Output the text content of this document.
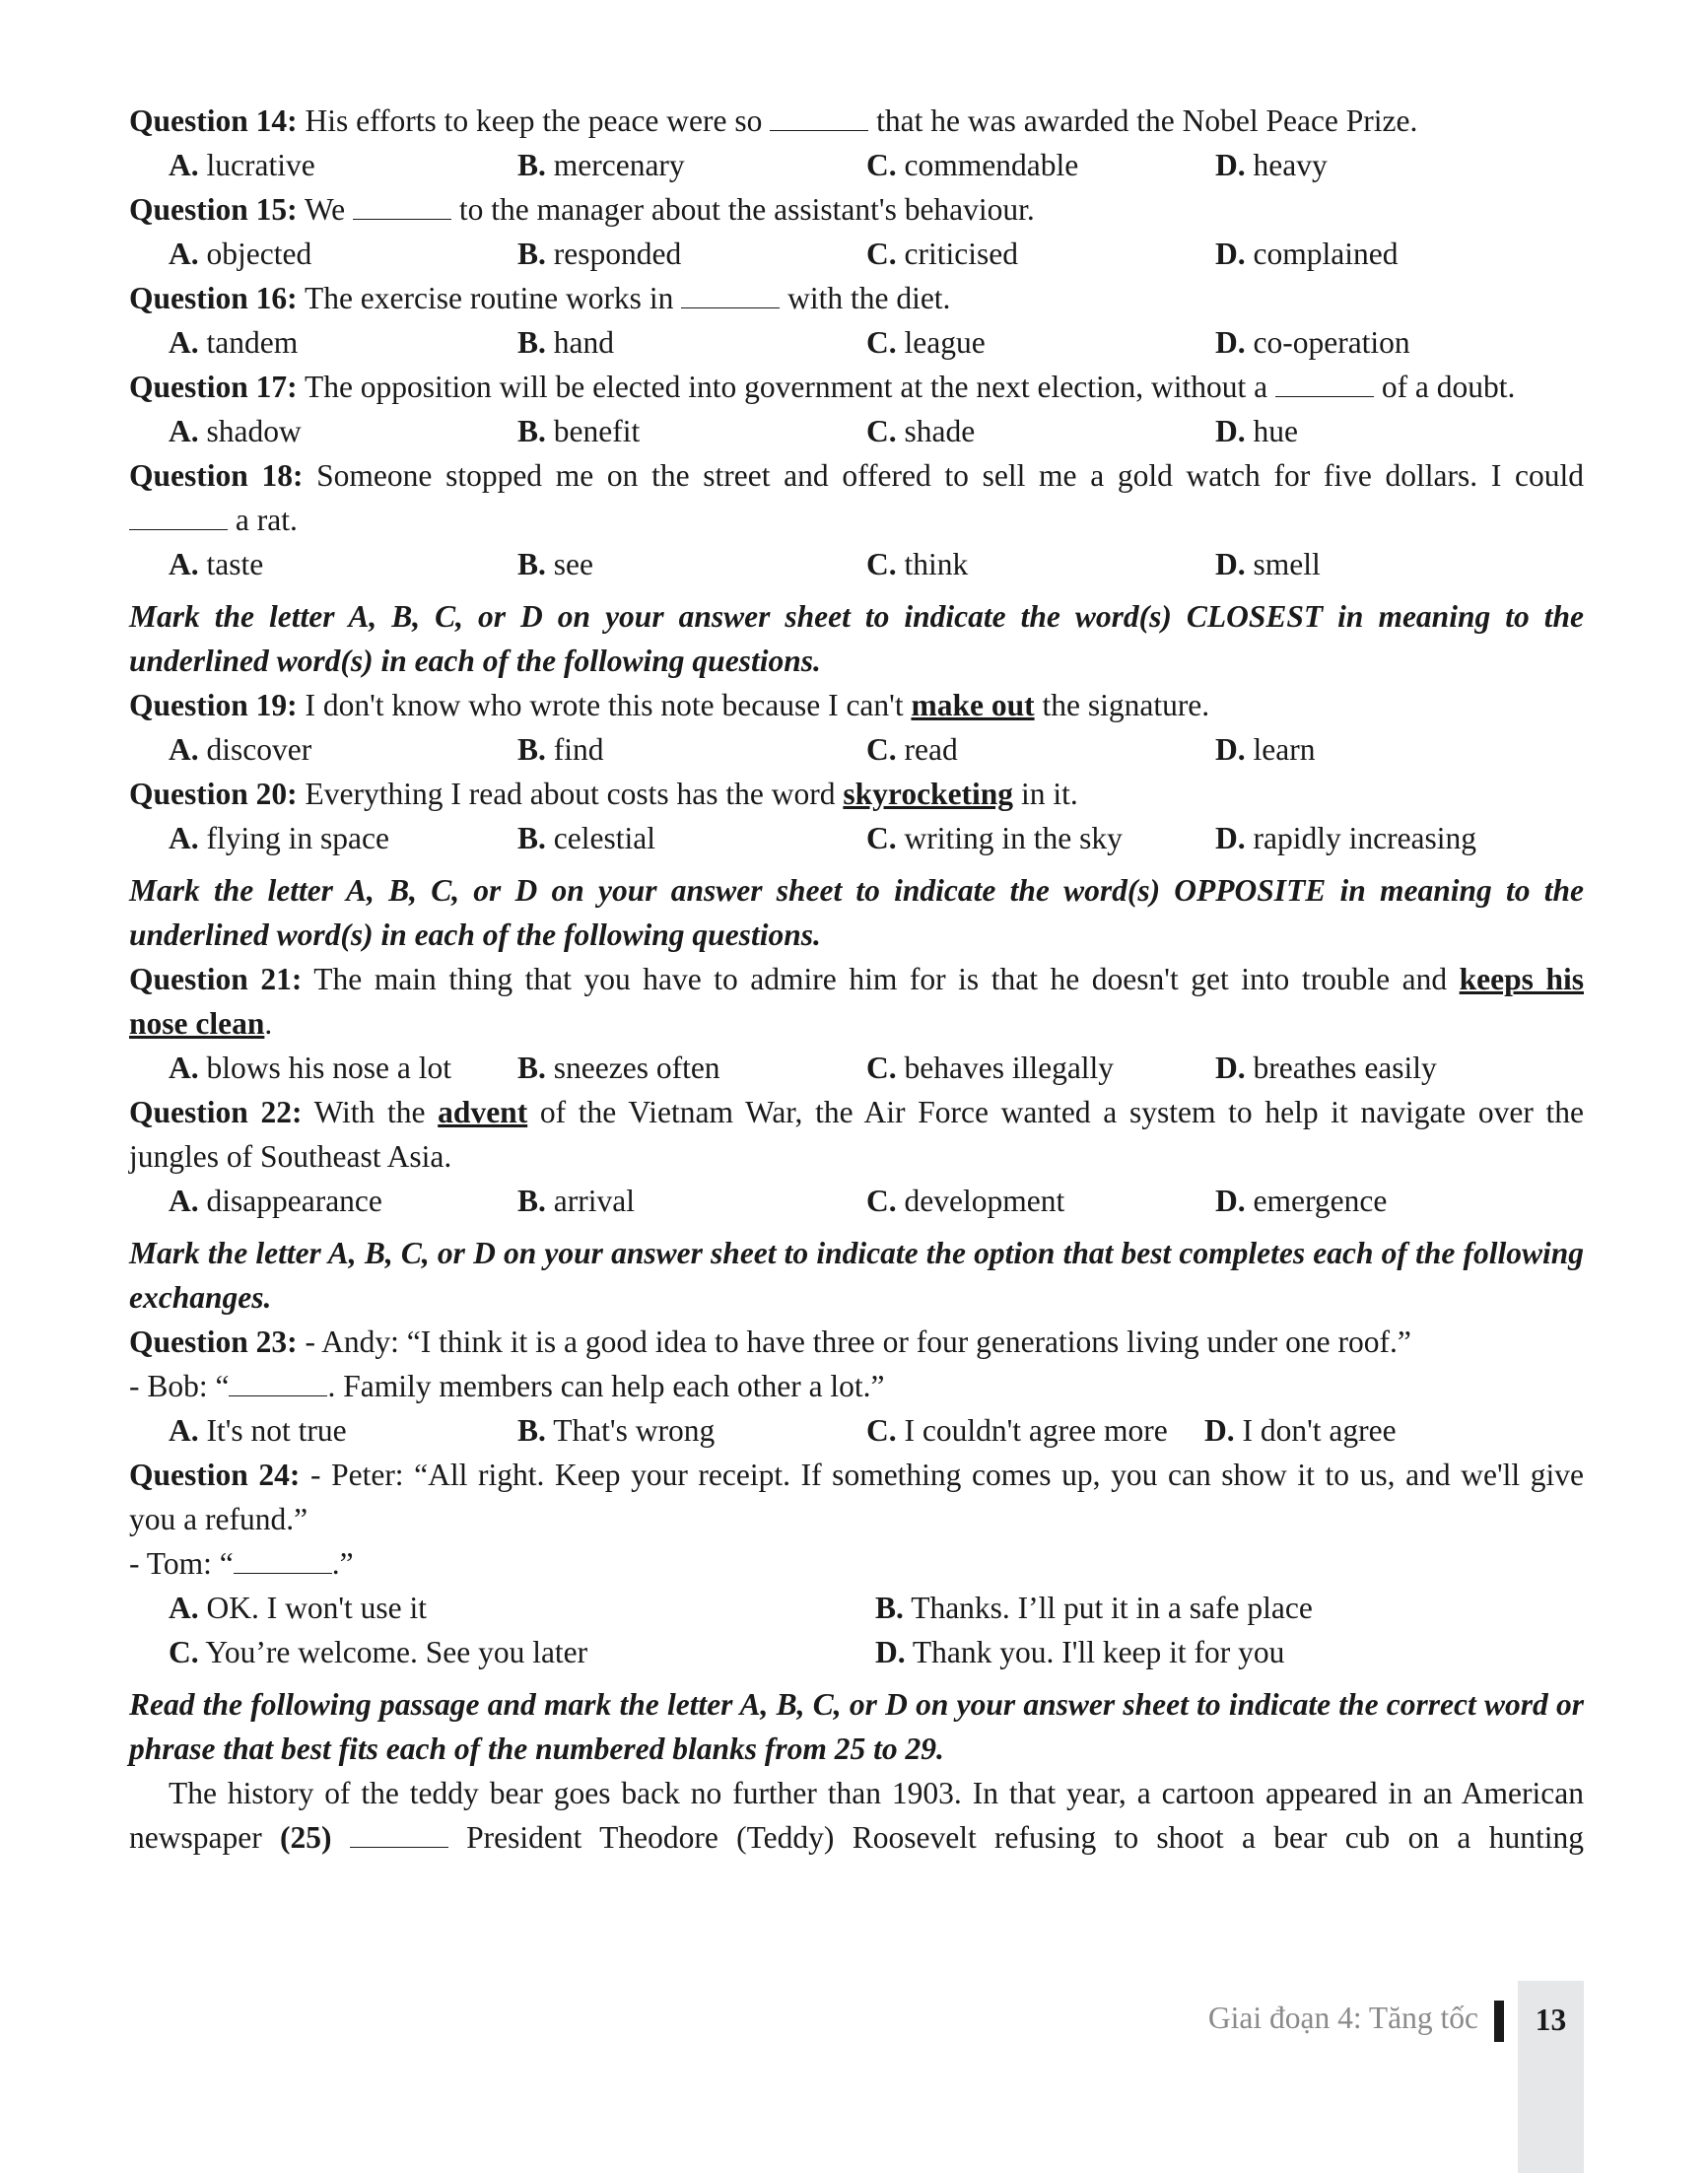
Question 14: His efforts to keep the peace were so	that he was awarded the Nobel Peace Prize.
A. lucrative	B. mercenary	C. commendable	D. heavy
Question 15: We	to the manager about the assistant's behaviour.
A. objected	B. responded	C. criticised	D. complained
Question 16: The exercise routine works in	with the diet.
A. tandem	B. hand	C. league	D. co-operation
Question 17: The opposition will be elected into government at the next election, without a	of a doubt.
A. shadow	B. benefit	C. shade	D. hue
Question 18: Someone stopped me on the street and offered to sell me a gold watch for five dollars. I could
a rat.
A. taste	B. see	C. think	D. smell
Mark the letter A, B, C, or D on your answer sheet to indicate the word(s) CLOSEST in meaning to the underlined word(s) in each of the following questions.
Question 19: I don't know who wrote this note because I can't make out the signature.
A. discover	B. find	C. read	D. learn
Question 20: Everything I read about costs has the word skyrocketing in it.
A. flying in space	B. celestial	C. writing in the sky	D. rapidly increasing
Mark the letter A, B, C, or D on your answer sheet to indicate the word(s) OPPOSITE in meaning to the underlined word(s) in each of the following questions.
Question 21: The main thing that you have to admire him for is that he doesn't get into trouble and keeps his
nose clean.
A. blows his nose a lot	B. sneezes often	C. behaves illegally	D. breathes easily
Question 22: With the advent of the Vietnam War, the Air Force wanted a system to help it navigate over the
jungles of Southeast Asia.
A. disappearance	B. arrival	C. development	D. emergence
Mark the letter A, B, C, or D on your answer sheet to indicate the option that best completes each of the following exchanges.
Question 23: - Andy: “I think it is a good idea to have three or four generations living under one roof.”
- Bob: “	. Family members can help each other a lot.”
A. It's not true	B. That's wrong	C. I couldn't agree more	D. I don't agree
Question 24: - Peter: “All right. Keep your receipt. If something comes up, you can show it to us, and we'll give
you a refund.”
- Tom: “	.”
A. OK. I won't use it	B. Thanks. I’ll put it in a safe place
C. You’re welcome. See you later	D. Thank you. I'll keep it for you
Read the following passage and mark the letter A, B, C, or D on your answer sheet to indicate the correct word or phrase that best fits each of the numbered blanks from 25 to 29.
The history of the teddy bear goes back no further than 1903. In that year, a cartoon appeared in an American
newspaper (25)	President Theodore (Teddy) Roosevelt refusing to shoot a bear cub on a hunting
Giai đoạn 4: Tăng tốc	13
